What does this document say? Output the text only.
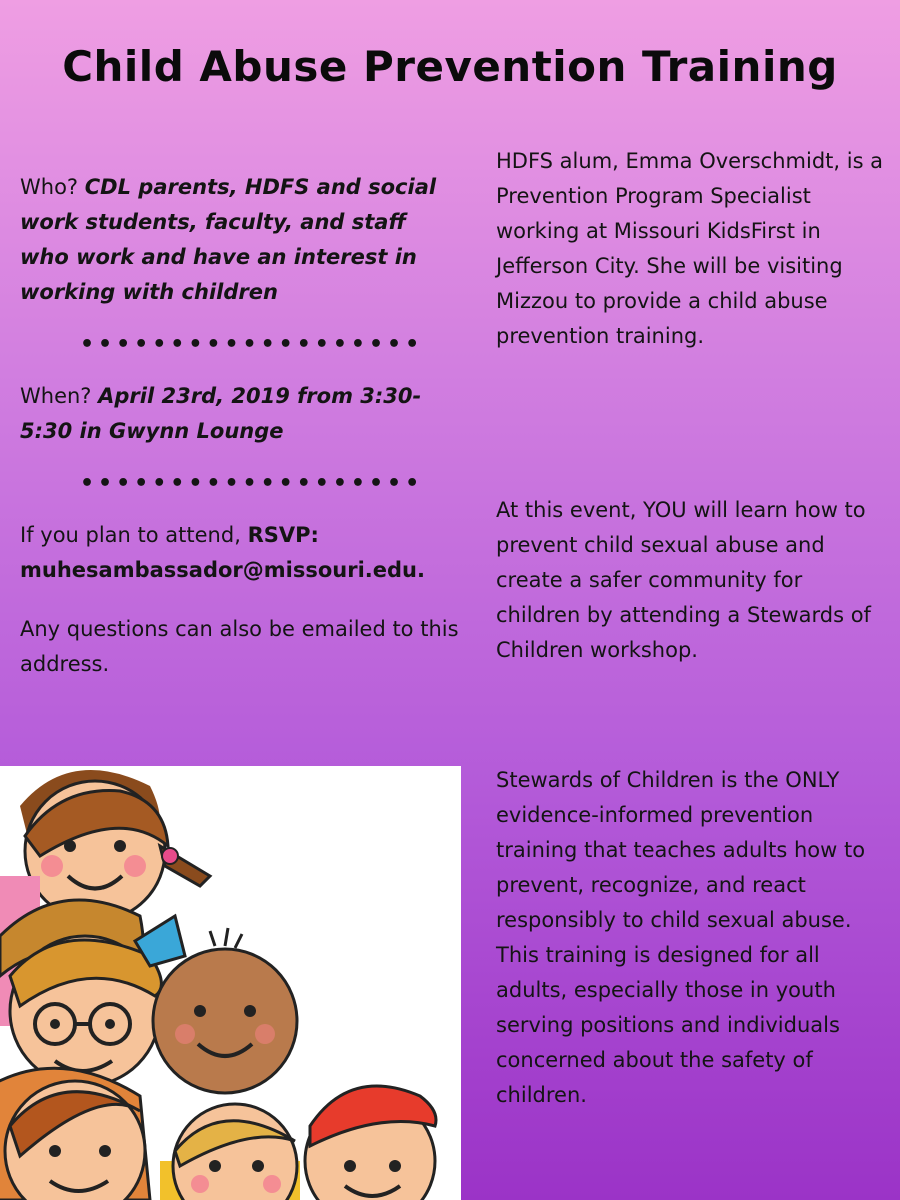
Child Abuse Prevention Training
Who? CDL parents, HDFS and social work students, faculty, and staff who work and have an interest in working with children
•••••••••••••••••••
When? April 23rd, 2019 from 3:30-5:30 in Gwynn Lounge
•••••••••••••••••••
If you plan to attend, RSVP: muhesambassador@missouri.edu.
Any questions can also be emailed to this address.
HDFS alum, Emma Overschmidt, is a Prevention Program Specialist working at Missouri KidsFirst in Jefferson City. She will be visiting Mizzou to provide a child abuse prevention training.
At this event, YOU will learn how to prevent child sexual abuse and create a safer community for children by attending a Stewards of Children workshop.
Stewards of Children is the ONLY evidence-informed prevention training that teaches adults how to prevent, recognize, and react responsibly to child sexual abuse. This training is designed for all adults, especially those in youth serving positions and individuals concerned about the safety of children.
